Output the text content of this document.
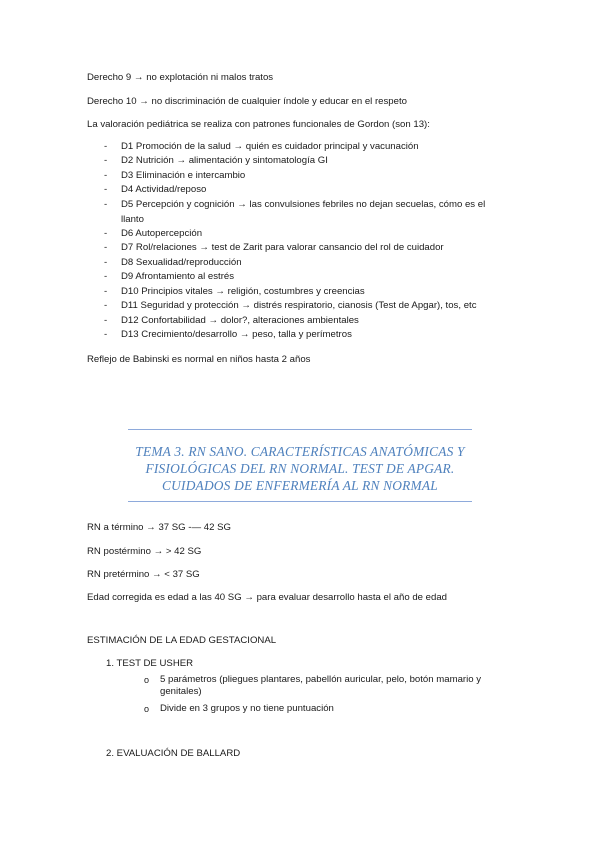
Derecho 9 → no explotación ni malos tratos
Derecho 10 → no discriminación de cualquier índole y educar en el respeto
La valoración pediátrica se realiza con patrones funcionales de Gordon (son 13):
- D1 Promoción de la salud → quién es cuidador principal y vacunación
- D2 Nutrición → alimentación y sintomatología GI
- D3 Eliminación e intercambio
- D4 Actividad/reposo
- D5 Percepción y cognición → las convulsiones febriles no dejan secuelas, cómo es el llanto
- D6 Autopercepción
- D7 Rol/relaciones → test de Zarit para valorar cansancio del rol de cuidador
- D8 Sexualidad/reproducción
- D9 Afrontamiento al estrés
- D10 Principios vitales → religión, costumbres y creencias
- D11 Seguridad y protección → distrés respiratorio, cianosis (Test de Apgar), tos, etc
- D12 Confortabilidad → dolor?, alteraciones ambientales
- D13 Crecimiento/desarrollo → peso, talla y perímetros
Reflejo de Babinski es normal en niños hasta 2 años
TEMA 3. RN SANO. CARACTERÍSTICAS ANATÓMICAS Y
FISIOLÓGICAS DEL RN NORMAL. TEST DE APGAR.
CUIDADOS DE ENFERMERÍA AL RN NORMAL
RN a término → 37 SG -— 42 SG
RN postérmino → > 42 SG
RN pretérmino → < 37 SG
Edad corregida es edad a las 40 SG → para evaluar desarrollo hasta el año de edad
ESTIMACIÓN DE LA EDAD GESTACIONAL
1. TEST DE USHER
o 5 parámetros (pliegues plantares, pabellón auricular, pelo, botón mamario y genitales)
o Divide en 3 grupos y no tiene puntuación
2. EVALUACIÓN DE BALLARD
